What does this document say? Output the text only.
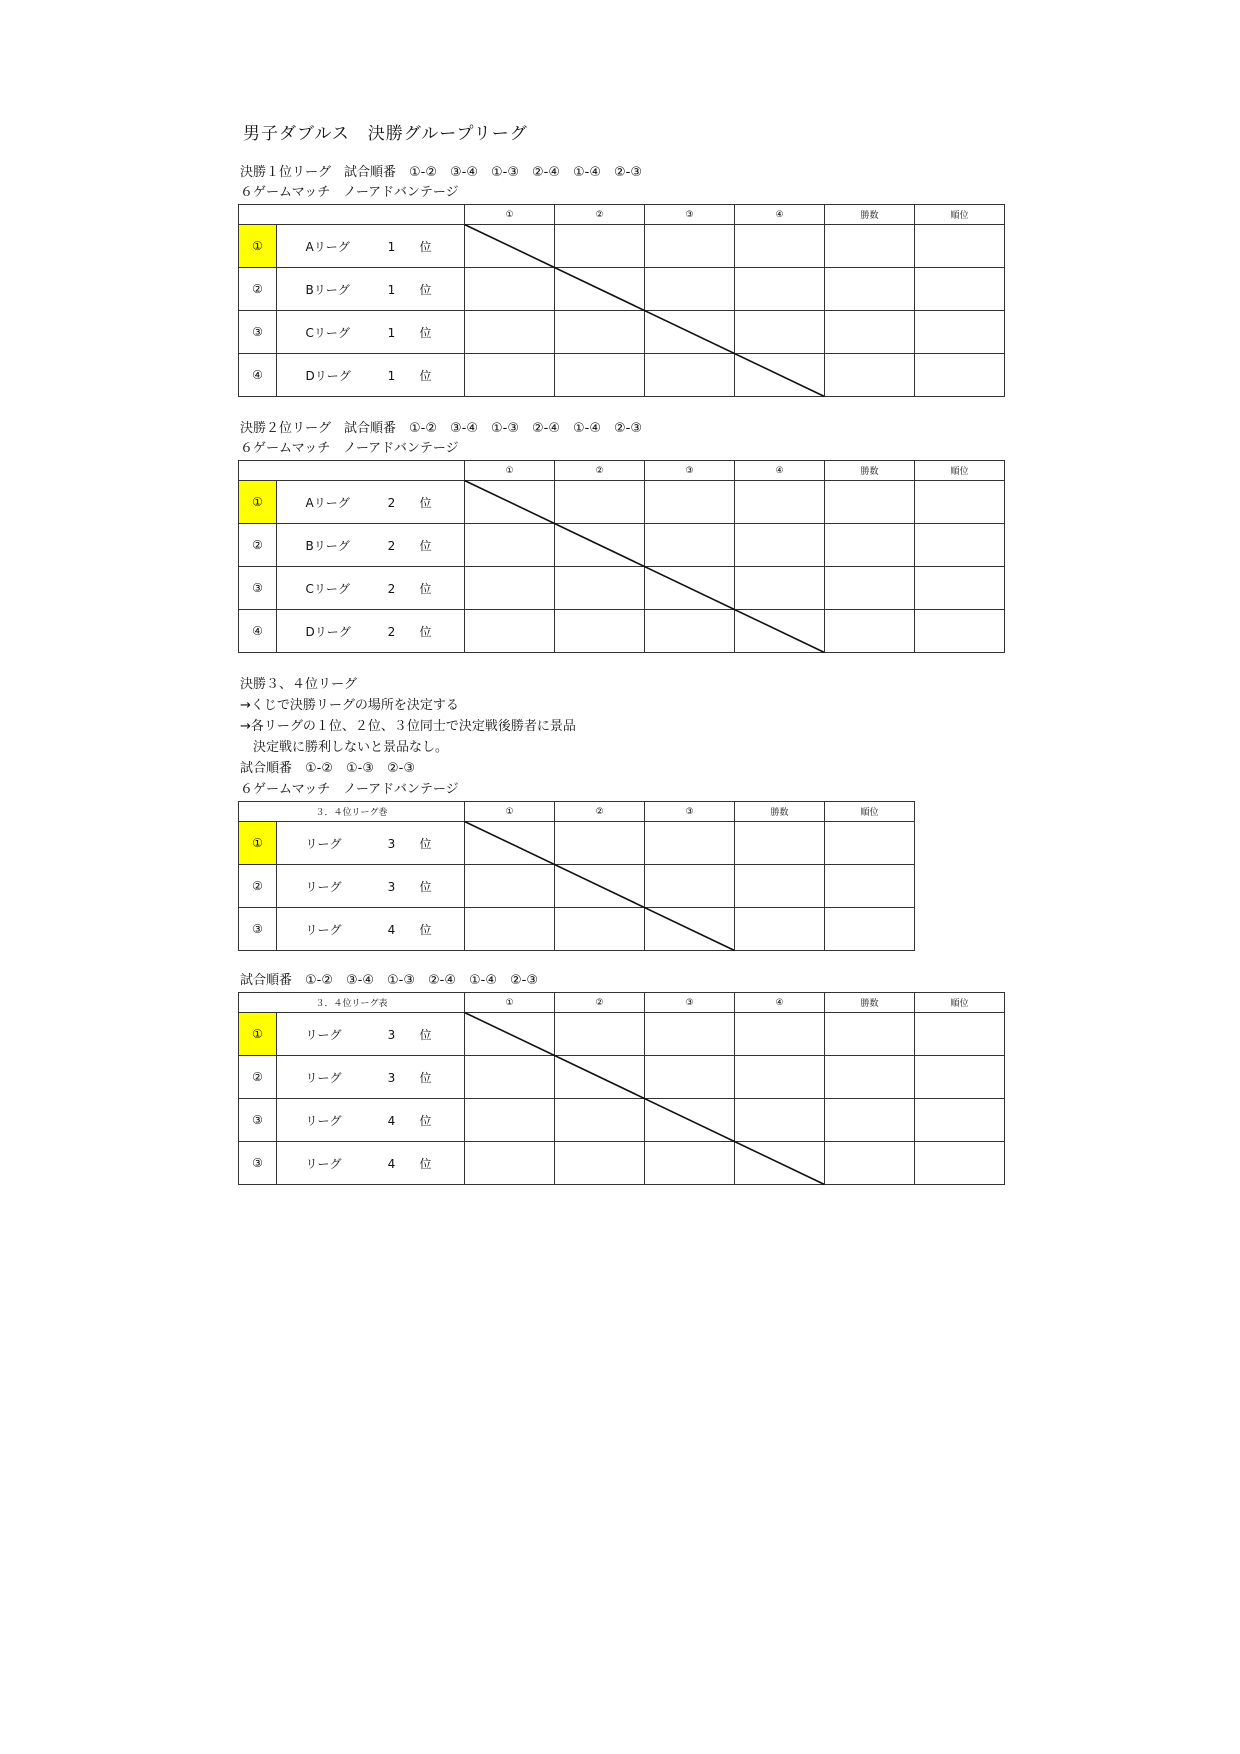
男子ダブルス　決勝グループリーグ
決勝１位リーグ　試合順番　①-②　③-④　①-③　②-④　①-④　②-③
６ゲームマッチ　ノーアドバンテージ
		①	②	③	④	勝数	順位
①	Aリーグ 1 位						
②	Bリーグ 1 位						
③	Cリーグ 1 位						
④	Dリーグ 1 位						
決勝２位リーグ　試合順番　①-②　③-④　①-③　②-④　①-④　②-③
６ゲームマッチ　ノーアドバンテージ
		①	②	③	④	勝数	順位
①	Aリーグ 2 位						
②	Bリーグ 2 位						
③	Cリーグ 2 位						
④	Dリーグ 2 位						
決勝３、４位リーグ
→くじで決勝リーグの場所を決定する
→各リーグの１位、２位、３位同士で決定戦後勝者に景品
　決定戦に勝利しないと景品なし。
試合順番　①-②　①-③　②-③
６ゲームマッチ　ノーアドバンテージ
３．４位リーグ巻		①	②	③	勝数	順位
①	リーグ 3 位					
②	リーグ 3 位					
③	リーグ 4 位					
試合順番　①-②　③-④　①-③　②-④　①-④　②-③
３．４位リーグ表		①	②	③	④	勝数	順位
①	リーグ 3 位						
②	リーグ 3 位						
③	リーグ 4 位						
③	リーグ 4 位						
